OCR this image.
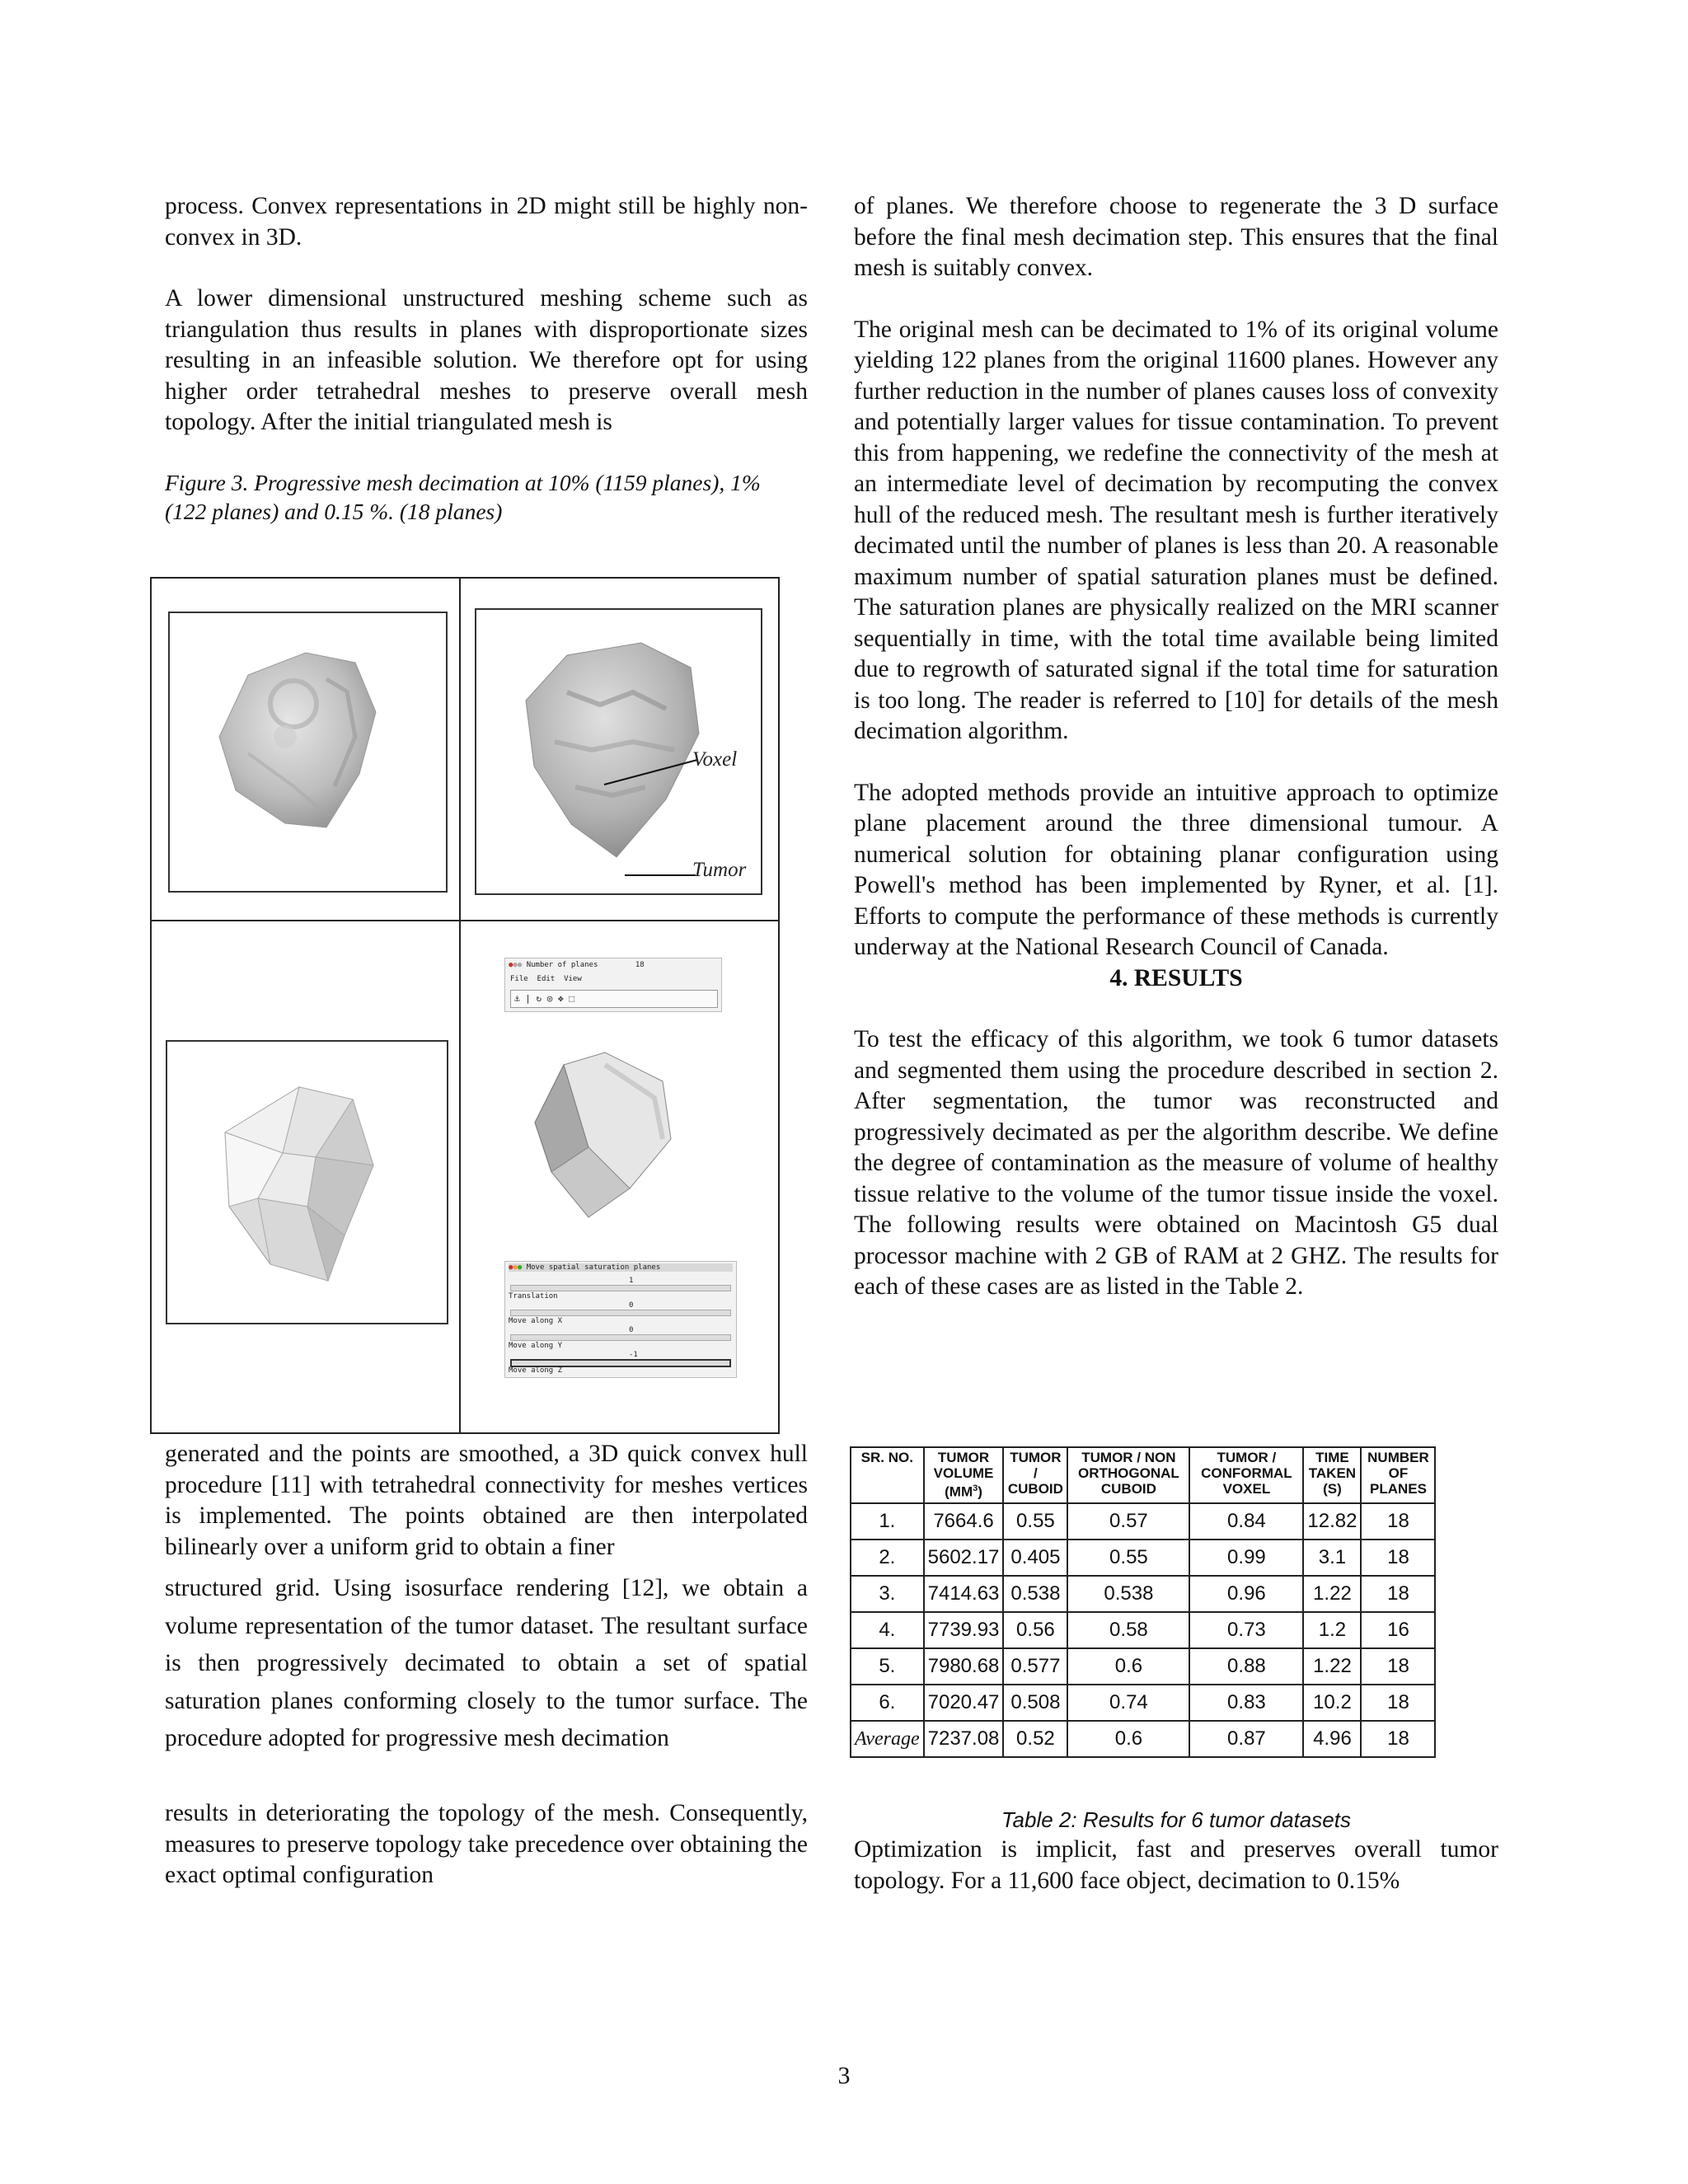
process. Convex representations in 2D might still be highly non-convex in 3D.

A lower dimensional unstructured meshing scheme such as triangulation thus results in planes with disproportionate sizes resulting in an infeasible solution. We therefore opt for using higher order tetrahedral meshes to preserve overall mesh topology. After the initial triangulated mesh is

Figure 3. Progressive mesh decimation at 10% (1159 planes), 1% (122 planes) and 0.15 %. (18 planes)

Voxel
Tumor
●●● Number of planes	18
File Edit View
⚓ | ↻ ◎ ✥ ⬚
●●● Move spatial saturation planes
1
Translation
0
Move along X
0
Move along Y
-1
Move along Z

generated and the points are smoothed, a 3D quick convex hull procedure [11] with tetrahedral connectivity for meshes vertices is implemented. The points obtained are then interpolated bilinearly over a uniform grid to obtain a finer

structured grid. Using isosurface rendering [12], we obtain a volume representation of the tumor dataset. The resultant surface is then progressively decimated to obtain a set of spatial saturation planes conforming closely to the tumor surface. The procedure adopted for progressive mesh decimation

results in deteriorating the topology of the mesh. Consequently, measures to preserve topology take precedence over obtaining the exact optimal configuration

of planes. We therefore choose to regenerate the 3 D surface before the final mesh decimation step. This ensures that the final mesh is suitably convex.

The original mesh can be decimated to 1% of its original volume yielding 122 planes from the original 11600 planes. However any further reduction in the number of planes causes loss of convexity and potentially larger values for tissue contamination. To prevent this from happening, we redefine the connectivity of the mesh at an intermediate level of decimation by recomputing the convex hull of the reduced mesh. The resultant mesh is further iteratively decimated until the number of planes is less than 20. A reasonable maximum number of spatial saturation planes must be defined. The saturation planes are physically realized on the MRI scanner sequentially in time, with the total time available being limited due to regrowth of saturated signal if the total time for saturation is too long. The reader is referred to [10] for details of the mesh decimation algorithm.

The adopted methods provide an intuitive approach to optimize plane placement around the three dimensional tumour. A numerical solution for obtaining planar configuration using Powell's method has been implemented by Ryner, et al. [1]. Efforts to compute the performance of these methods is currently underway at the National Research Council of Canada.

4. RESULTS

To test the efficacy of this algorithm, we took 6 tumor datasets and segmented them using the procedure described in section 2. After segmentation, the tumor was reconstructed and progressively decimated as per the algorithm describe. We define the degree of contamination as the measure of volume of healthy tissue relative to the volume of the tumor tissue inside the voxel. The following results were obtained on Macintosh G5 dual processor machine with 2 GB of RAM at 2 GHZ. The results for each of these cases are as listed in the Table 2.

SR. NO.	TUMOR VOLUME $(MM^3)$	TUMOR / CUBOID	TUMOR / NON ORTHOGONAL CUBOID	TUMOR / CONFORMAL VOXEL	TIME TAKEN (S)	NUMBER OF PLANES
1.	7664.6	0.55	0.57	0.84	12.82	18
2.	5602.17	0.405	0.55	0.99	3.1	18
3.	7414.63	0.538	0.538	0.96	1.22	18
4.	7739.93	0.56	0.58	0.73	1.2	16
5.	7980.68	0.577	0.6	0.88	1.22	18
6.	7020.47	0.508	0.74	0.83	10.2	18
Average	7237.08	0.52	0.6	0.87	4.96	18
Table 2: Results for 6 tumor datasets

Optimization is implicit, fast and preserves overall tumor topology. For a 11,600 face object, decimation to 0.15%

3
